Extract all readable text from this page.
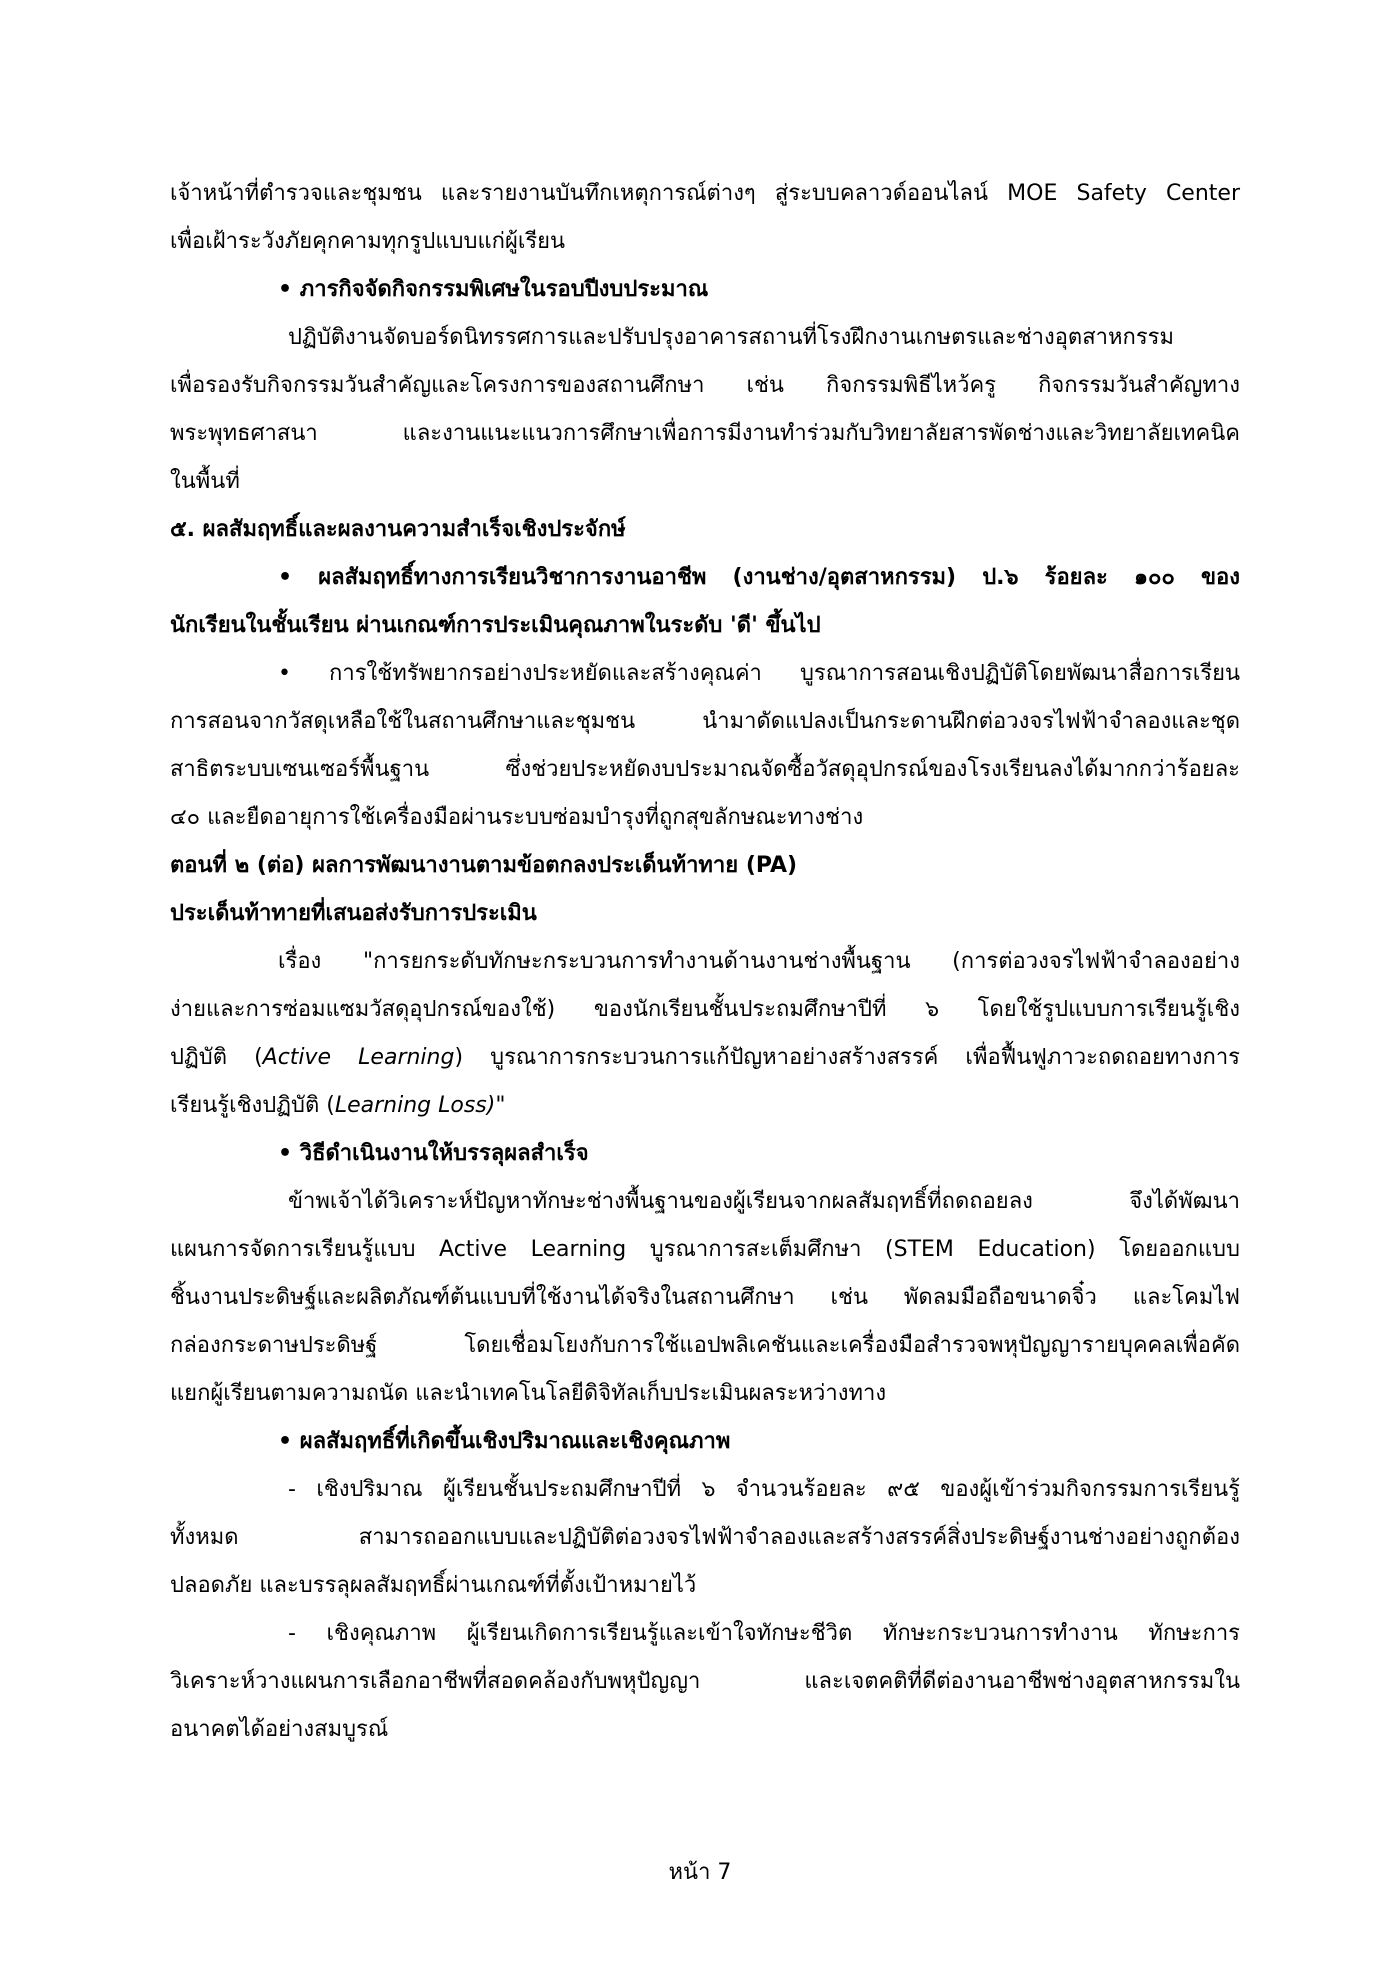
เจ้าหน้าที่ตำรวจและชุมชน และรายงานบันทึกเหตุการณ์ต่างๆ สู่ระบบคลาวด์ออนไลน์ MOE Safety Center
เพื่อเฝ้าระวังภัยคุกคามทุกรูปแบบแก่ผู้เรียน
• ภารกิจจัดกิจกรรมพิเศษในรอบปีงบประมาณ
ปฏิบัติงานจัดบอร์ดนิทรรศการและปรับปรุงอาคารสถานที่โรงฝึกงานเกษตรและช่างอุตสาหกรรม
เพื่อรองรับกิจกรรมวันสำคัญและโครงการของสถานศึกษา เช่น กิจกรรมพิธีไหว้ครู กิจกรรมวันสำคัญทาง
พระพุทธศาสนา และงานแนะแนวการศึกษาเพื่อการมีงานทำร่วมกับวิทยาลัยสารพัดช่างและวิทยาลัยเทคนิค
ในพื้นที่
๕. ผลสัมฤทธิ์และผลงานความสำเร็จเชิงประจักษ์
• ผลสัมฤทธิ์ทางการเรียนวิชาการงานอาชีพ (งานช่าง/อุตสาหกรรม) ป.๖ ร้อยละ ๑๐๐ ของ
นักเรียนในชั้นเรียน ผ่านเกณฑ์การประเมินคุณภาพในระดับ 'ดี' ขึ้นไป
• การใช้ทรัพยากรอย่างประหยัดและสร้างคุณค่า บูรณาการสอนเชิงปฏิบัติโดยพัฒนาสื่อการเรียน
การสอนจากวัสดุเหลือใช้ในสถานศึกษาและชุมชน นำมาดัดแปลงเป็นกระดานฝึกต่อวงจรไฟฟ้าจำลองและชุด
สาธิตระบบเซนเซอร์พื้นฐาน ซึ่งช่วยประหยัดงบประมาณจัดซื้อวัสดุอุปกรณ์ของโรงเรียนลงได้มากกว่าร้อยละ
๔๐ และยืดอายุการใช้เครื่องมือผ่านระบบซ่อมบำรุงที่ถูกสุขลักษณะทางช่าง
ตอนที่ ๒ (ต่อ) ผลการพัฒนางานตามข้อตกลงประเด็นท้าทาย (PA)
ประเด็นท้าทายที่เสนอส่งรับการประเมิน
เรื่อง "การยกระดับทักษะกระบวนการทำงานด้านงานช่างพื้นฐาน (การต่อวงจรไฟฟ้าจำลองอย่าง
ง่ายและการซ่อมแซมวัสดุอุปกรณ์ของใช้) ของนักเรียนชั้นประถมศึกษาปีที่ ๖ โดยใช้รูปแบบการเรียนรู้เชิง
ปฏิบัติ (Active Learning) บูรณาการกระบวนการแก้ปัญหาอย่างสร้างสรรค์ เพื่อฟื้นฟูภาวะถดถอยทางการ
เรียนรู้เชิงปฏิบัติ (Learning Loss)"
• วิธีดำเนินงานให้บรรลุผลสำเร็จ
ข้าพเจ้าได้วิเคราะห์ปัญหาทักษะช่างพื้นฐานของผู้เรียนจากผลสัมฤทธิ์ที่ถดถอยลง จึงได้พัฒนา
แผนการจัดการเรียนรู้แบบ Active Learning บูรณาการสะเต็มศึกษา (STEM Education) โดยออกแบบ
ชิ้นงานประดิษฐ์และผลิตภัณฑ์ต้นแบบที่ใช้งานได้จริงในสถานศึกษา เช่น พัดลมมือถือขนาดจิ๋ว และโคมไฟ
กล่องกระดาษประดิษฐ์ โดยเชื่อมโยงกับการใช้แอปพลิเคชันและเครื่องมือสำรวจพหุปัญญารายบุคคลเพื่อคัด
แยกผู้เรียนตามความถนัด และนำเทคโนโลยีดิจิทัลเก็บประเมินผลระหว่างทาง
• ผลสัมฤทธิ์ที่เกิดขึ้นเชิงปริมาณและเชิงคุณภาพ
- เชิงปริมาณ ผู้เรียนชั้นประถมศึกษาปีที่ ๖ จำนวนร้อยละ ๙๕ ของผู้เข้าร่วมกิจกรรมการเรียนรู้
ทั้งหมด สามารถออกแบบและปฏิบัติต่อวงจรไฟฟ้าจำลองและสร้างสรรค์สิ่งประดิษฐ์งานช่างอย่างถูกต้อง
ปลอดภัย และบรรลุผลสัมฤทธิ์ผ่านเกณฑ์ที่ตั้งเป้าหมายไว้
- เชิงคุณภาพ ผู้เรียนเกิดการเรียนรู้และเข้าใจทักษะชีวิต ทักษะกระบวนการทำงาน ทักษะการ
วิเคราะห์วางแผนการเลือกอาชีพที่สอดคล้องกับพหุปัญญา และเจตคติที่ดีต่องานอาชีพช่างอุตสาหกรรมใน
อนาคตได้อย่างสมบูรณ์
หน้า 7
